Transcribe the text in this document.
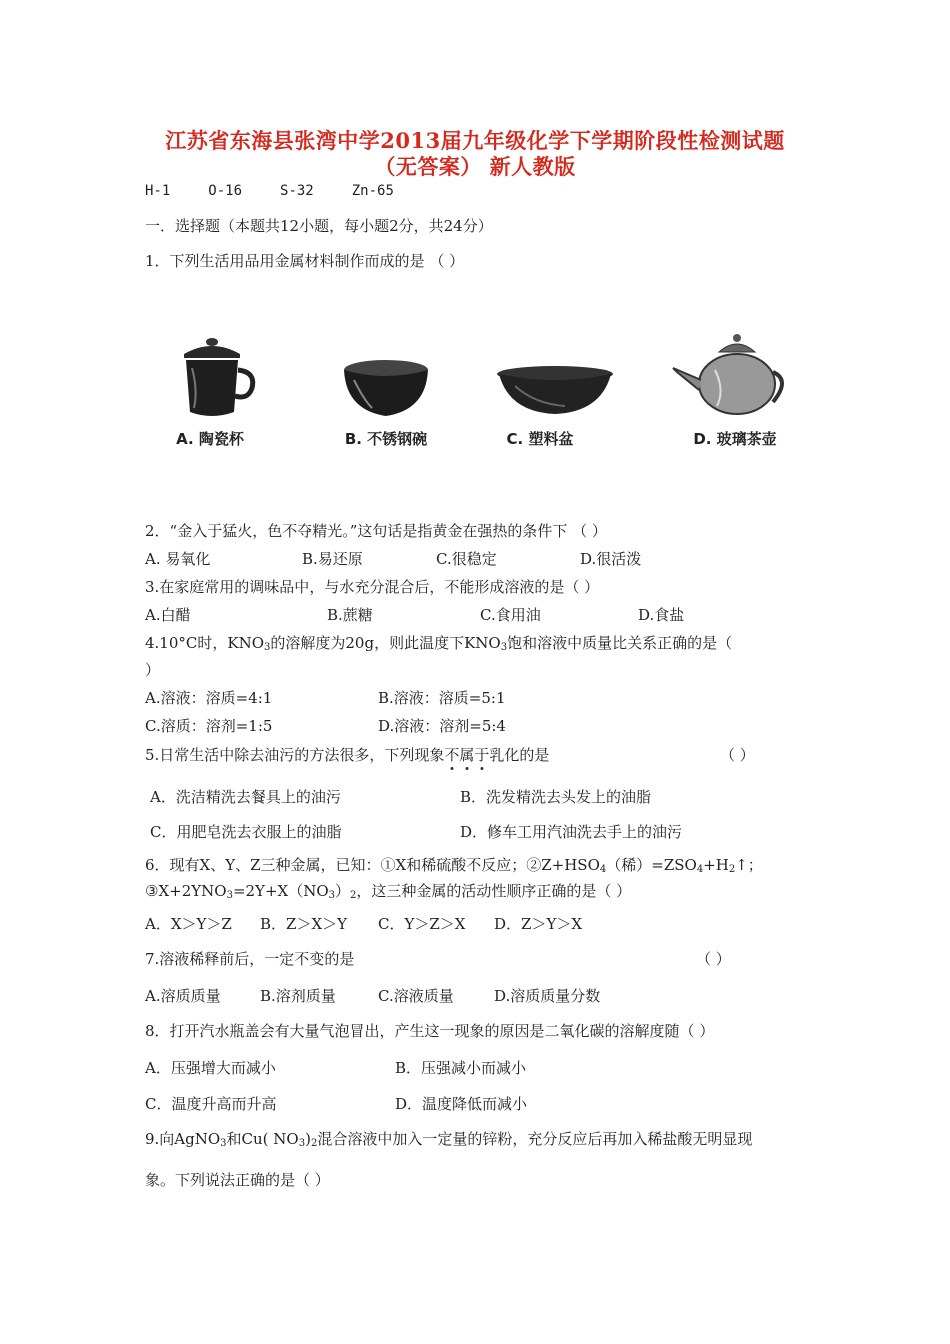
江苏省东海县张湾中学2013届九年级化学下学期阶段性检测试题
（无答案） 新人教版
H-1	O-16	S-32	Zn-65
一．选择题（本题共12小题，每小题2分，共24分）
1．下列生活用品用金属材料制作而成的是 （ ）
A. 陶瓷杯	B. 不锈钢碗	C. 塑料盆	D. 玻璃茶壶
2．“金入于猛火，色不夺精光。”这句话是指黄金在强热的条件下 （ ）
A. 易氧化	B.易还原	C.很稳定	D.很活泼
3.在家庭常用的调味品中，与水充分混合后，不能形成溶液的是（ ）
A.白醋	B.蔗糖	C.食用油	D.食盐
4.10°C时，$KNO_3$的溶解度为20g，则此温度下$KNO_3$饱和溶液中质量比关系正确的是（
）
A.溶液：溶质=4:1	B.溶液：溶质=5:1
C.溶质：溶剂=1:5	D.溶液：溶剂=5:4
5.日常生活中除去油污的方法很多，下列现象不属于乳化的是	（ ）
A．洗洁精洗去餐具上的油污	B．洗发精洗去头发上的油脂
C．用肥皂洗去衣服上的油脂	D．修车工用汽油洗去手上的油污
6．现有X、Y、Z三种金属，已知：①X和稀硫酸不反应；$②Z+HSO_4$（稀）$=ZSO_4+H_2↑$；
$③X+2YNO_3=2Y+X(NO_3)_2$，这三种金属的活动性顺序正确的是（ ）
A．X＞Y＞Z B．Z＞X＞Y C．Y＞Z＞X D．Z＞Y＞X
7.溶液稀释前后，一定不变的是	（ ）
A.溶质质量	B.溶剂质量	C.溶液质量	D.溶质质量分数
8．打开汽水瓶盖会有大量气泡冒出，产生这一现象的原因是二氧化碳的溶解度随（ ）
A．压强增大而减小	B．压强减小而减小
C．温度升高而升高	D．温度降低而减小
9.向AgNO$_3$和Cu( $NO_3)_2$混合溶液中加入一定量的锌粉，充分反应后再加入稀盐酸无明显现
象。下列说法正确的是（ ）
